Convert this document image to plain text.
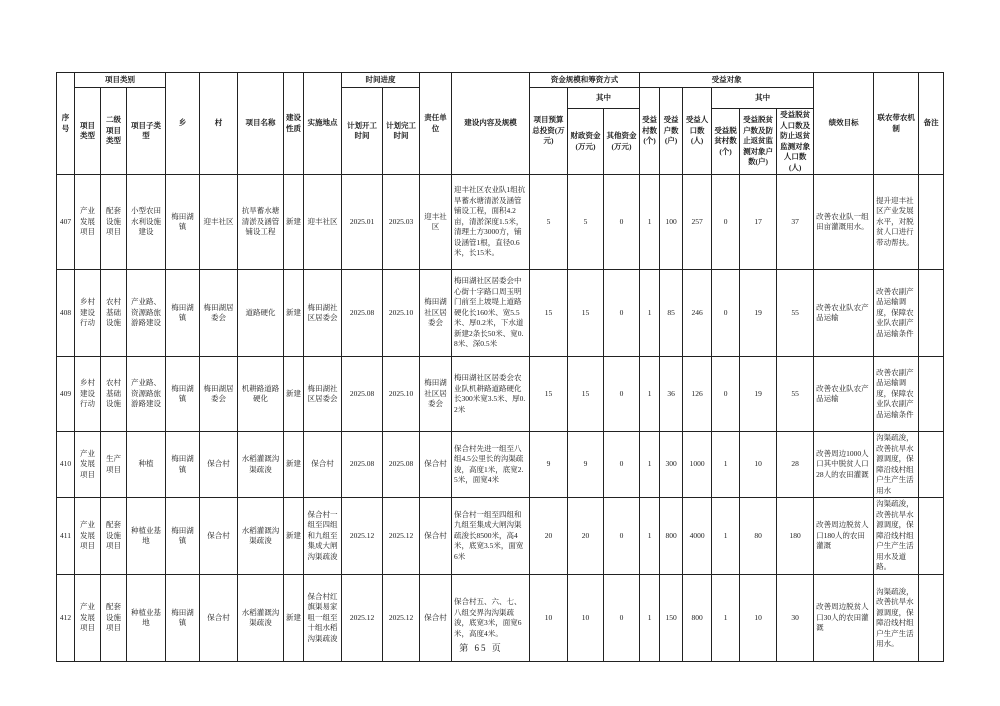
序号	项目类别			乡	村	项目名称	建设性质	实施地点	时间进度		责任单位	建设内容及规模	资金规模和筹资方式			受益对象						绩效目标	联农带农机制	备注
	项目类型	二级项目类型	项目子类型						计划开工时间	计划完工时间			项目预算总投资(万元)	其中		受益村数(个)	受益户数(户)	受益人口数(人)	其中					
														财政资金(万元)	其他资金(万元)				受益脱贫村数(个)	受益脱贫户数及防止返贫监测对象户数(户)	受益脱贫人口数及防止返贫监测对象人口数(人)			
407	产业发展项目	配套设施项目	小型农田水利设施建设	梅田湖镇	迎丰社区	抗旱蓄水塘清淤及涵管铺设工程	新建	迎丰社区	2025.01	2025.03	迎丰社区	迎丰社区农业队1组抗旱蓄水塘清淤及涵管铺设工程，面积4.2亩，清淤深度1.5米，清理土方3000方，铺设涵管1根，直径0.6米，长15米。	5	5	0	1	100	257	0	17	37	改善农业队一组田亩灌溉用水。	提升迎丰社区产业发展水平，对脱贫人口进行带动帮扶。	
408	乡村建设行动	农村基础设施	产业路、资源路旅游路建设	梅田湖镇	梅田湖居委会	道路硬化	新建	梅田湖社区居委会	2025.08	2025.10	梅田湖社区居委会	梅田湖社区居委会中心街十字路口周玉明门前至上坡堤上道路硬化长160米、宽5.5米、厚0.2米，下水道新建2条长50米、宽0.8米、深0.5米	15	15	0	1	85	246	0	19	55	改善农业队农产品运输	改善农副产品运输调度，保障农业队农副产品运输条件	
409	乡村建设行动	农村基础设施	产业路、资源路旅游路建设	梅田湖镇	梅田湖居委会	机耕路道路硬化	新建	梅田湖社区居委会	2025.08	2025.10	梅田湖社区居委会	梅田湖社区居委会农业队机耕路道路硬化长300米宽3.5米、厚0.2米	15	15	0	1	36	126	0	19	55	改善农业队农产品运输	改善农副产品运输调度，保障农业队农副产品运输条件	
410	产业发展项目	生产项目	种植	梅田湖镇	保合村	水稻灌溉沟渠疏浚	新建	保合村	2025.08	2025.08	保合村	保合村先进一组至八组4.5公里长的沟渠疏浚，高度1米，底宽2.5米，面宽4米	9	9	0	1	300	1000	1	10	28	改善周边1000人口其中脱贫人口28人的农田灌溉	沟渠疏浚，改善抗旱水源调度，保障沿线村组户生产生活用水	
411	产业发展项目	配套设施项目	种植业基地	梅田湖镇	保合村	水稻灌溉沟渠疏浚	新建	保合村一组至四组和九组至集成大闸沟渠疏浚	2025.12	2025.12	保合村	保合村一组至四组和九组至集成大闸沟渠疏浚长8500米，高4米，底宽3.5米，面宽6米	20	20	0	1	800	4000	1	80	180	改善周边脱贫人口180人的农田灌溉	沟渠疏浚，改善抗旱水源调度，保障沿线村组户生产生活用水及道路。	
412	产业发展项目	配套设施项目	种植业基地	梅田湖镇	保合村	水稻灌溉沟渠疏浚	新建	保合村红旗渠易家咀一组至十组水稻沟渠疏浚	2025.12	2025.12	保合村	保合村五、六、七、八组交界沟沟渠疏浚，底宽3米，面宽6米，高度4米。	10	10	0	1	150	800	1	10	30	改善周边脱贫人口30人的农田灌溉	沟渠疏浚，改善抗旱水源调度，保障沿线村组户生产生活用水。	
第 65 页
